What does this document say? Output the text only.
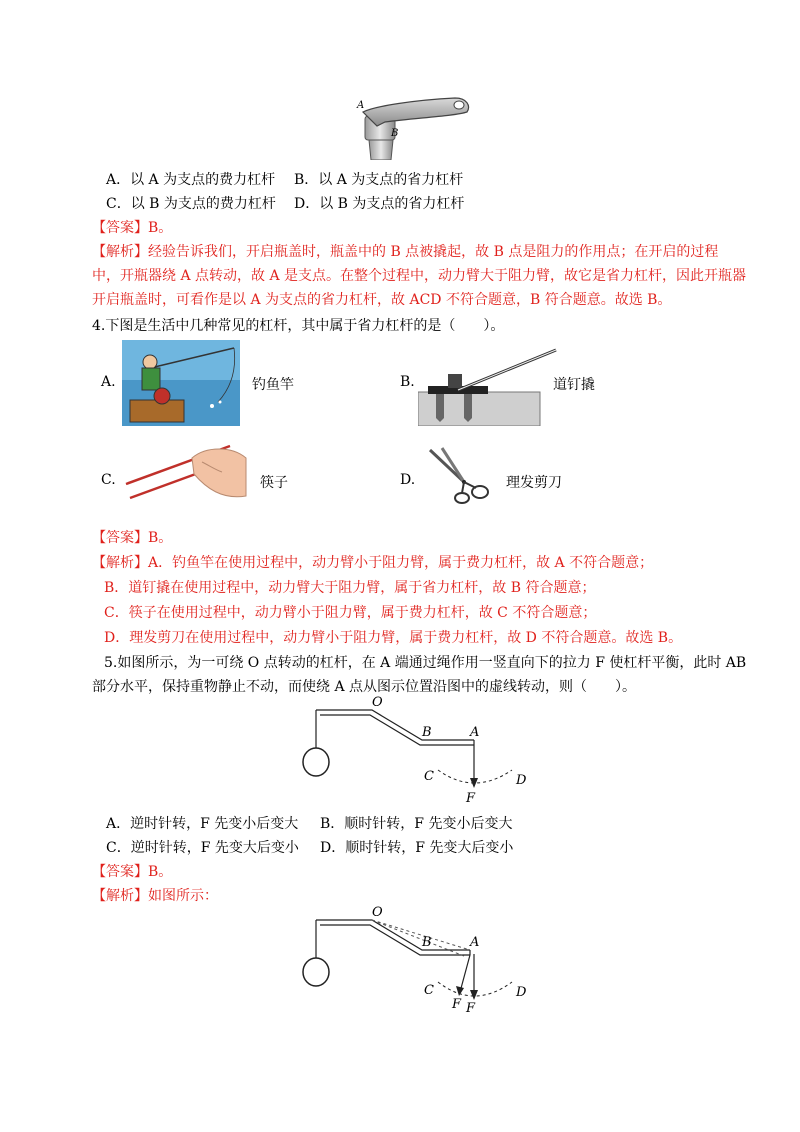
A
B
A．以 A 为支点的费力杠杆 B．以 A 为支点的省力杠杆
C．以 B 为支点的费力杠杆 D．以 B 为支点的省力杠杆
【答案】B。
【解析】经验告诉我们，开启瓶盖时，瓶盖中的 B 点被撬起，故 B 点是阻力的作用点；在开启的过程
中，开瓶器绕 A 点转动，故 A 是支点。在整个过程中，动力臂大于阻力臂，故它是省力杠杆，因此开瓶器
开启瓶盖时，可看作是以 A 为支点的省力杠杆，故 ACD 不符合题意，B 符合题意。故选 B。
4.下图是生活中几种常见的杠杆，其中属于省力杠杆的是（　　）。
A.	钓鱼竿	B.	道钉撬
C.	筷子	D.	理发剪刀
【答案】B。
【解析】A．钓鱼竿在使用过程中，动力臂小于阻力臂，属于费力杠杆，故 A 不符合题意；
B．道钉撬在使用过程中，动力臂大于阻力臂，属于省力杠杆，故 B 符合题意；
C．筷子在使用过程中，动力臂小于阻力臂，属于费力杠杆，故 C 不符合题意；
D．理发剪刀在使用过程中，动力臂小于阻力臂，属于费力杠杆，故 D 不符合题意。故选 B。
5.如图所示，为一可绕 O 点转动的杠杆，在 A 端通过绳作用一竖直向下的拉力 F 使杠杆平衡，此时 AB
部分水平，保持重物静止不动，而使绕 A 点从图示位置沿图中的虚线转动，则（　　）。
O
B	A
C	D
F
A．逆时针转，F 先变小后变大 B．顺时针转，F 先变小后变大
C．逆时针转，F 先变大后变小 D．顺时针转，F 先变大后变小
【答案】B。
【解析】如图所示：
O
B	A
C	D
F F
